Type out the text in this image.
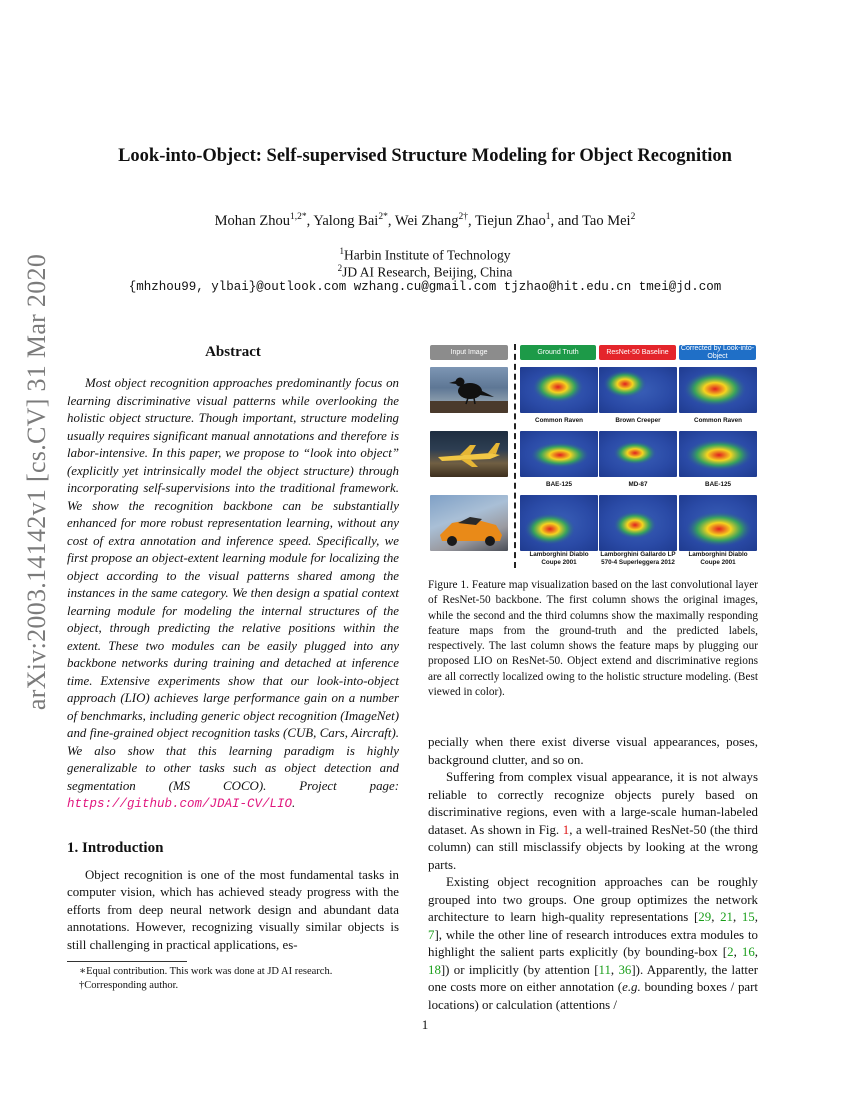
arXiv:2003.14142v1 [cs.CV] 31 Mar 2020
Look-into-Object: Self-supervised Structure Modeling for Object Recognition
Mohan Zhou$^{1,2*}$, Yalong Bai$^{2*}$, Wei Zhang$^{2\dagger}$, Tiejun Zhao$^1$, and Tao Mei$^2$
$^1$Harbin Institute of Technology
$^2$JD AI Research, Beijing, China
{mhzhou99, ylbai}@outlook.com wzhang.cu@gmail.com tjzhao@hit.edu.cn tmei@jd.com
Abstract

Most object recognition approaches predominantly focus on learning discriminative visual patterns while overlooking the holistic object structure. Though important, structure modeling usually requires significant manual annotations and therefore is labor-intensive. In this paper, we propose to “look into object” (explicitly yet intrinsically model the object structure) through incorporating self-supervisions into the traditional framework. We show the recognition backbone can be substantially enhanced for more robust representation learning, without any cost of extra annotation and inference speed. Specifically, we first propose an object-extent learning module for localizing the object according to the visual patterns shared among the instances in the same category. We then design a spatial context learning module for modeling the internal structures of the object, through predicting the relative positions within the extent. These two modules can be easily plugged into any backbone networks during training and detached at inference time. Extensive experiments show that our look-into-object approach (LIO) achieves large performance gain on a number of benchmarks, including generic object recognition (ImageNet) and fine-grained object recognition tasks (CUB, Cars, Aircraft). We also show that this learning paradigm is highly generalizable to other tasks such as object detection and segmentation (MS COCO). Project page: https://github.com/JDAI-CV/LIO.

1. Introduction

Object recognition is one of the most fundamental tasks in computer vision, which has achieved steady progress with the efforts from deep neural network design and abundant data annotations. However, recognizing visually similar objects is still challenging in practical applications, es-

∗Equal contribution. This work was done at JD AI research.
†Corresponding author.
Input Image	Ground Truth	ResNet-50 Baseline
Corrected by Look-into-Object
Common Raven	Brown Creeper	Common Raven
BAE-125	MD-87	BAE-125
Lamborghini Diablo Coupe 2001
Lamborghini Gallardo LP 570-4 Superleggera 2012
Lamborghini Diablo Coupe 2001

Figure 1. Feature map visualization based on the last convolutional layer of ResNet-50 backbone. The first column shows the original images, while the second and the third columns show the maximally responding feature maps from the ground-truth and the predicted labels, respectively. The last column shows the feature maps by plugging our proposed LIO on ResNet-50. Object extend and discriminative regions are all correctly localized owing to the holistic structure modeling. (Best viewed in color).

pecially when there exist diverse visual appearances, poses, background clutter, and so on.

Suffering from complex visual appearance, it is not always reliable to correctly recognize objects purely based on discriminative regions, even with a large-scale human-labeled dataset. As shown in Fig. 1, a well-trained ResNet-50 (the third column) can still misclassify objects by looking at the wrong parts.

Existing object recognition approaches can be roughly grouped into two groups. One group optimizes the network architecture to learn high-quality representations [29, 21, 15, 7], while the other line of research introduces extra modules to highlight the salient parts explicitly (by bounding-box [2, 16, 18]) or implicitly (by attention [11, 36]). Apparently, the latter one costs more on either annotation (e.g. bounding boxes / part locations) or calculation (attentions /

1
